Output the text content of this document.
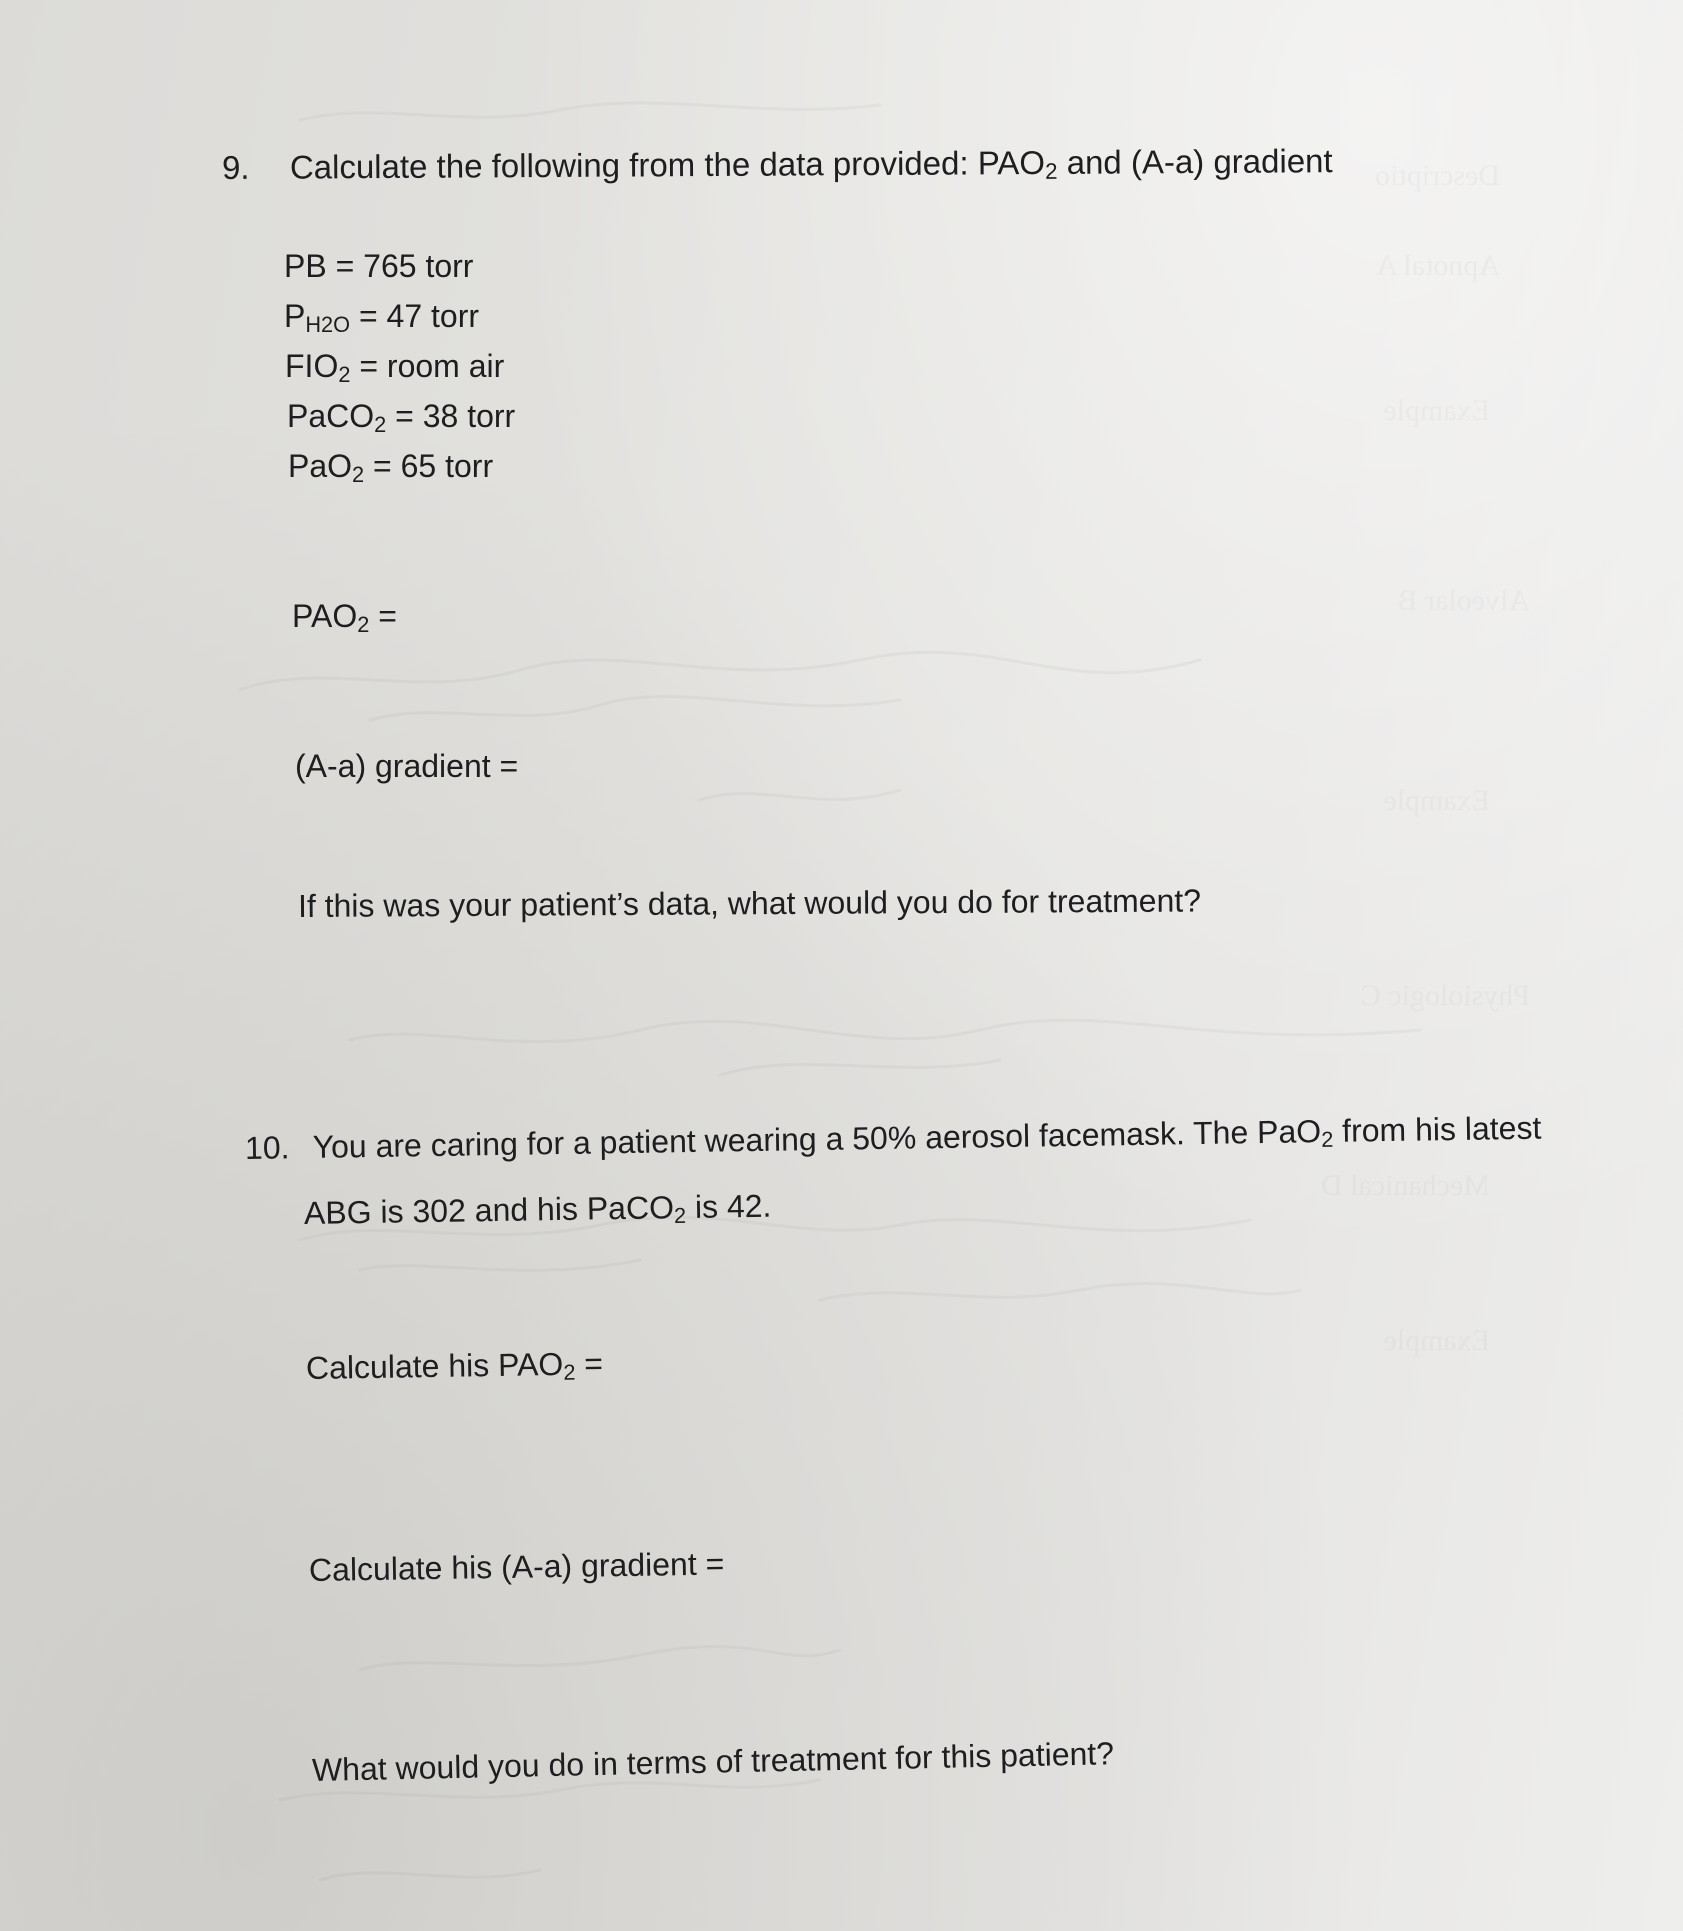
Descriptio
Apnotal A
Example
Alveolar B
Example
Physiologic C
Mechanical D
Example
9. Calculate the following from the data provided: $PAO_2$ and (A-a) gradient
PB = 765 torr
$P_{H2O} = 47$ torr
$FIO_2$ = room air
PaCO$_2$ = 38 torr
PaO$_2$ = 65 torr
$PAO_2$ =
(A-a) gradient =
If this was your patient’s data, what would you do for treatment?
10. You are caring for a patient wearing a 50% aerosol facemask. The PaO$_2$ from his latest
ABG is 302 and his PaCO$_2$ is 42.
Calculate his $PAO_2$ =
Calculate his (A-a) gradient =
What would you do in terms of treatment for this patient?
